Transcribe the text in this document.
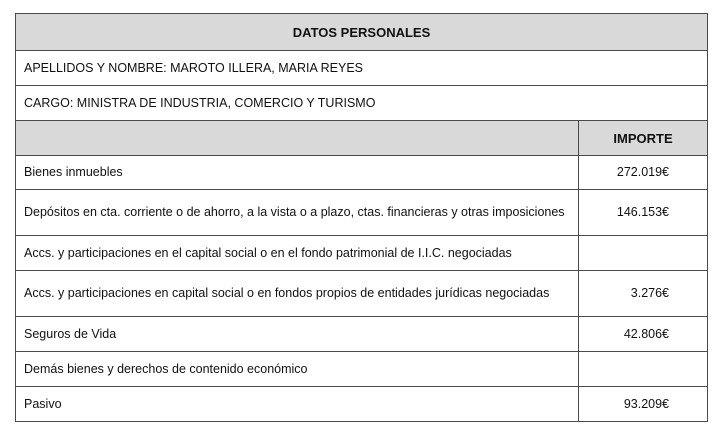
DATOS PERSONALES	
APELLIDOS Y NOMBRE: MAROTO ILLERA, MARIA REYES	
CARGO: MINISTRA DE INDUSTRIA, COMERCIO Y TURISMO	
	IMPORTE
Bienes inmuebles	272.019€
Depósitos en cta. corriente o de ahorro, a la vista o a plazo, ctas. financieras y otras imposiciones	146.153€
Accs. y participaciones en el capital social o en el fondo patrimonial de I.I.C. negociadas	
Accs. y participaciones en capital social o en fondos propios de entidades jurídicas negociadas	3.276€
Seguros de Vida	42.806€
Demás bienes y derechos de contenido económico	
Pasivo	93.209€
